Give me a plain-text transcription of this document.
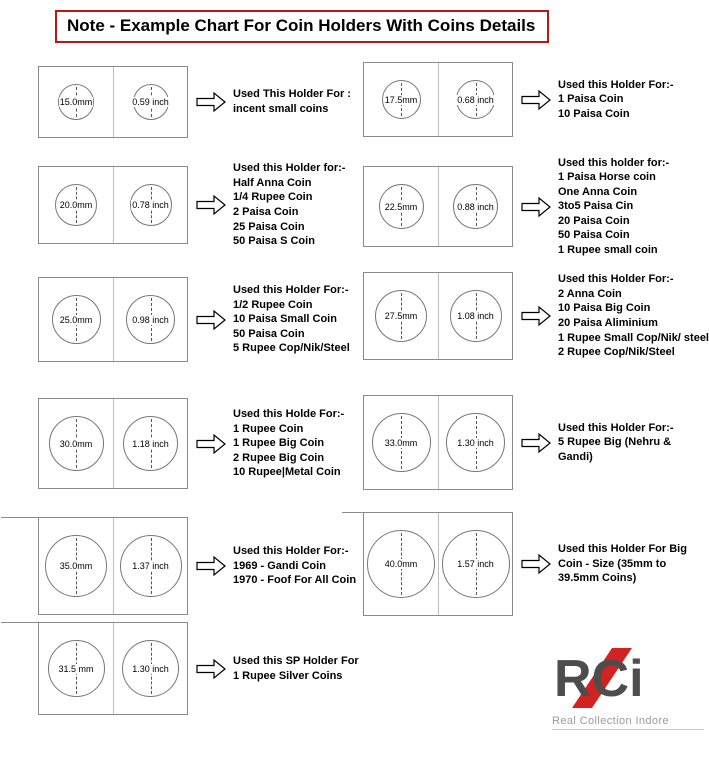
Note - Example Chart For Coin Holders With Coins Details
RCi
Real Collection Indore
15.0mm	0.59 inch
Used This Holder For :
incent small coins
20.0mm	0.78 inch
Used this Holder for:-
Half Anna Coin
1/4 Rupee Coin
2 Paisa Coin
25 Paisa Coin
50 Paisa S Coin
25.0mm	0.98 inch
Used this Holder For:-
1/2 Rupee Coin
10 Paisa Small Coin
50 Paisa Coin
5 Rupee Cop/Nik/Steel
30.0mm	1.18 inch
Used this Holde For:-
1 Rupee Coin
1 Rupee Big Coin
2 Rupee Big Coin
10 Rupee|Metal Coin
35.0mm	1.37 inch
Used this Holder For:-
1969 - Gandi Coin
1970 - Foof For All Coin
31.5 mm	1.30 inch
Used this SP Holder For
1 Rupee Silver Coins
17.5mm	0.68 inch
Used this Holder For:-
1 Paisa Coin
10 Paisa Coin
22.5mm	0.88 inch
Used this holder for:-
1 Paisa Horse coin
One Anna Coin
3to5 Paisa Cin
20 Paisa Coin
50 Paisa Coin
1 Rupee small coin
27.5mm	1.08 inch
Used this Holder For:-
2 Anna Coin
10 Paisa Big Coin
20 Paisa Aliminium
1 Rupee Small Cop/Nik/ steel
2 Rupee Cop/Nik/Steel
33.0mm	1.30 inch
Used this Holder For:-
5 Rupee Big (Nehru &
Gandi)
40.0mm	1.57 inch
Used this Holder For Big
Coin - Size (35mm to
39.5mm Coins)
